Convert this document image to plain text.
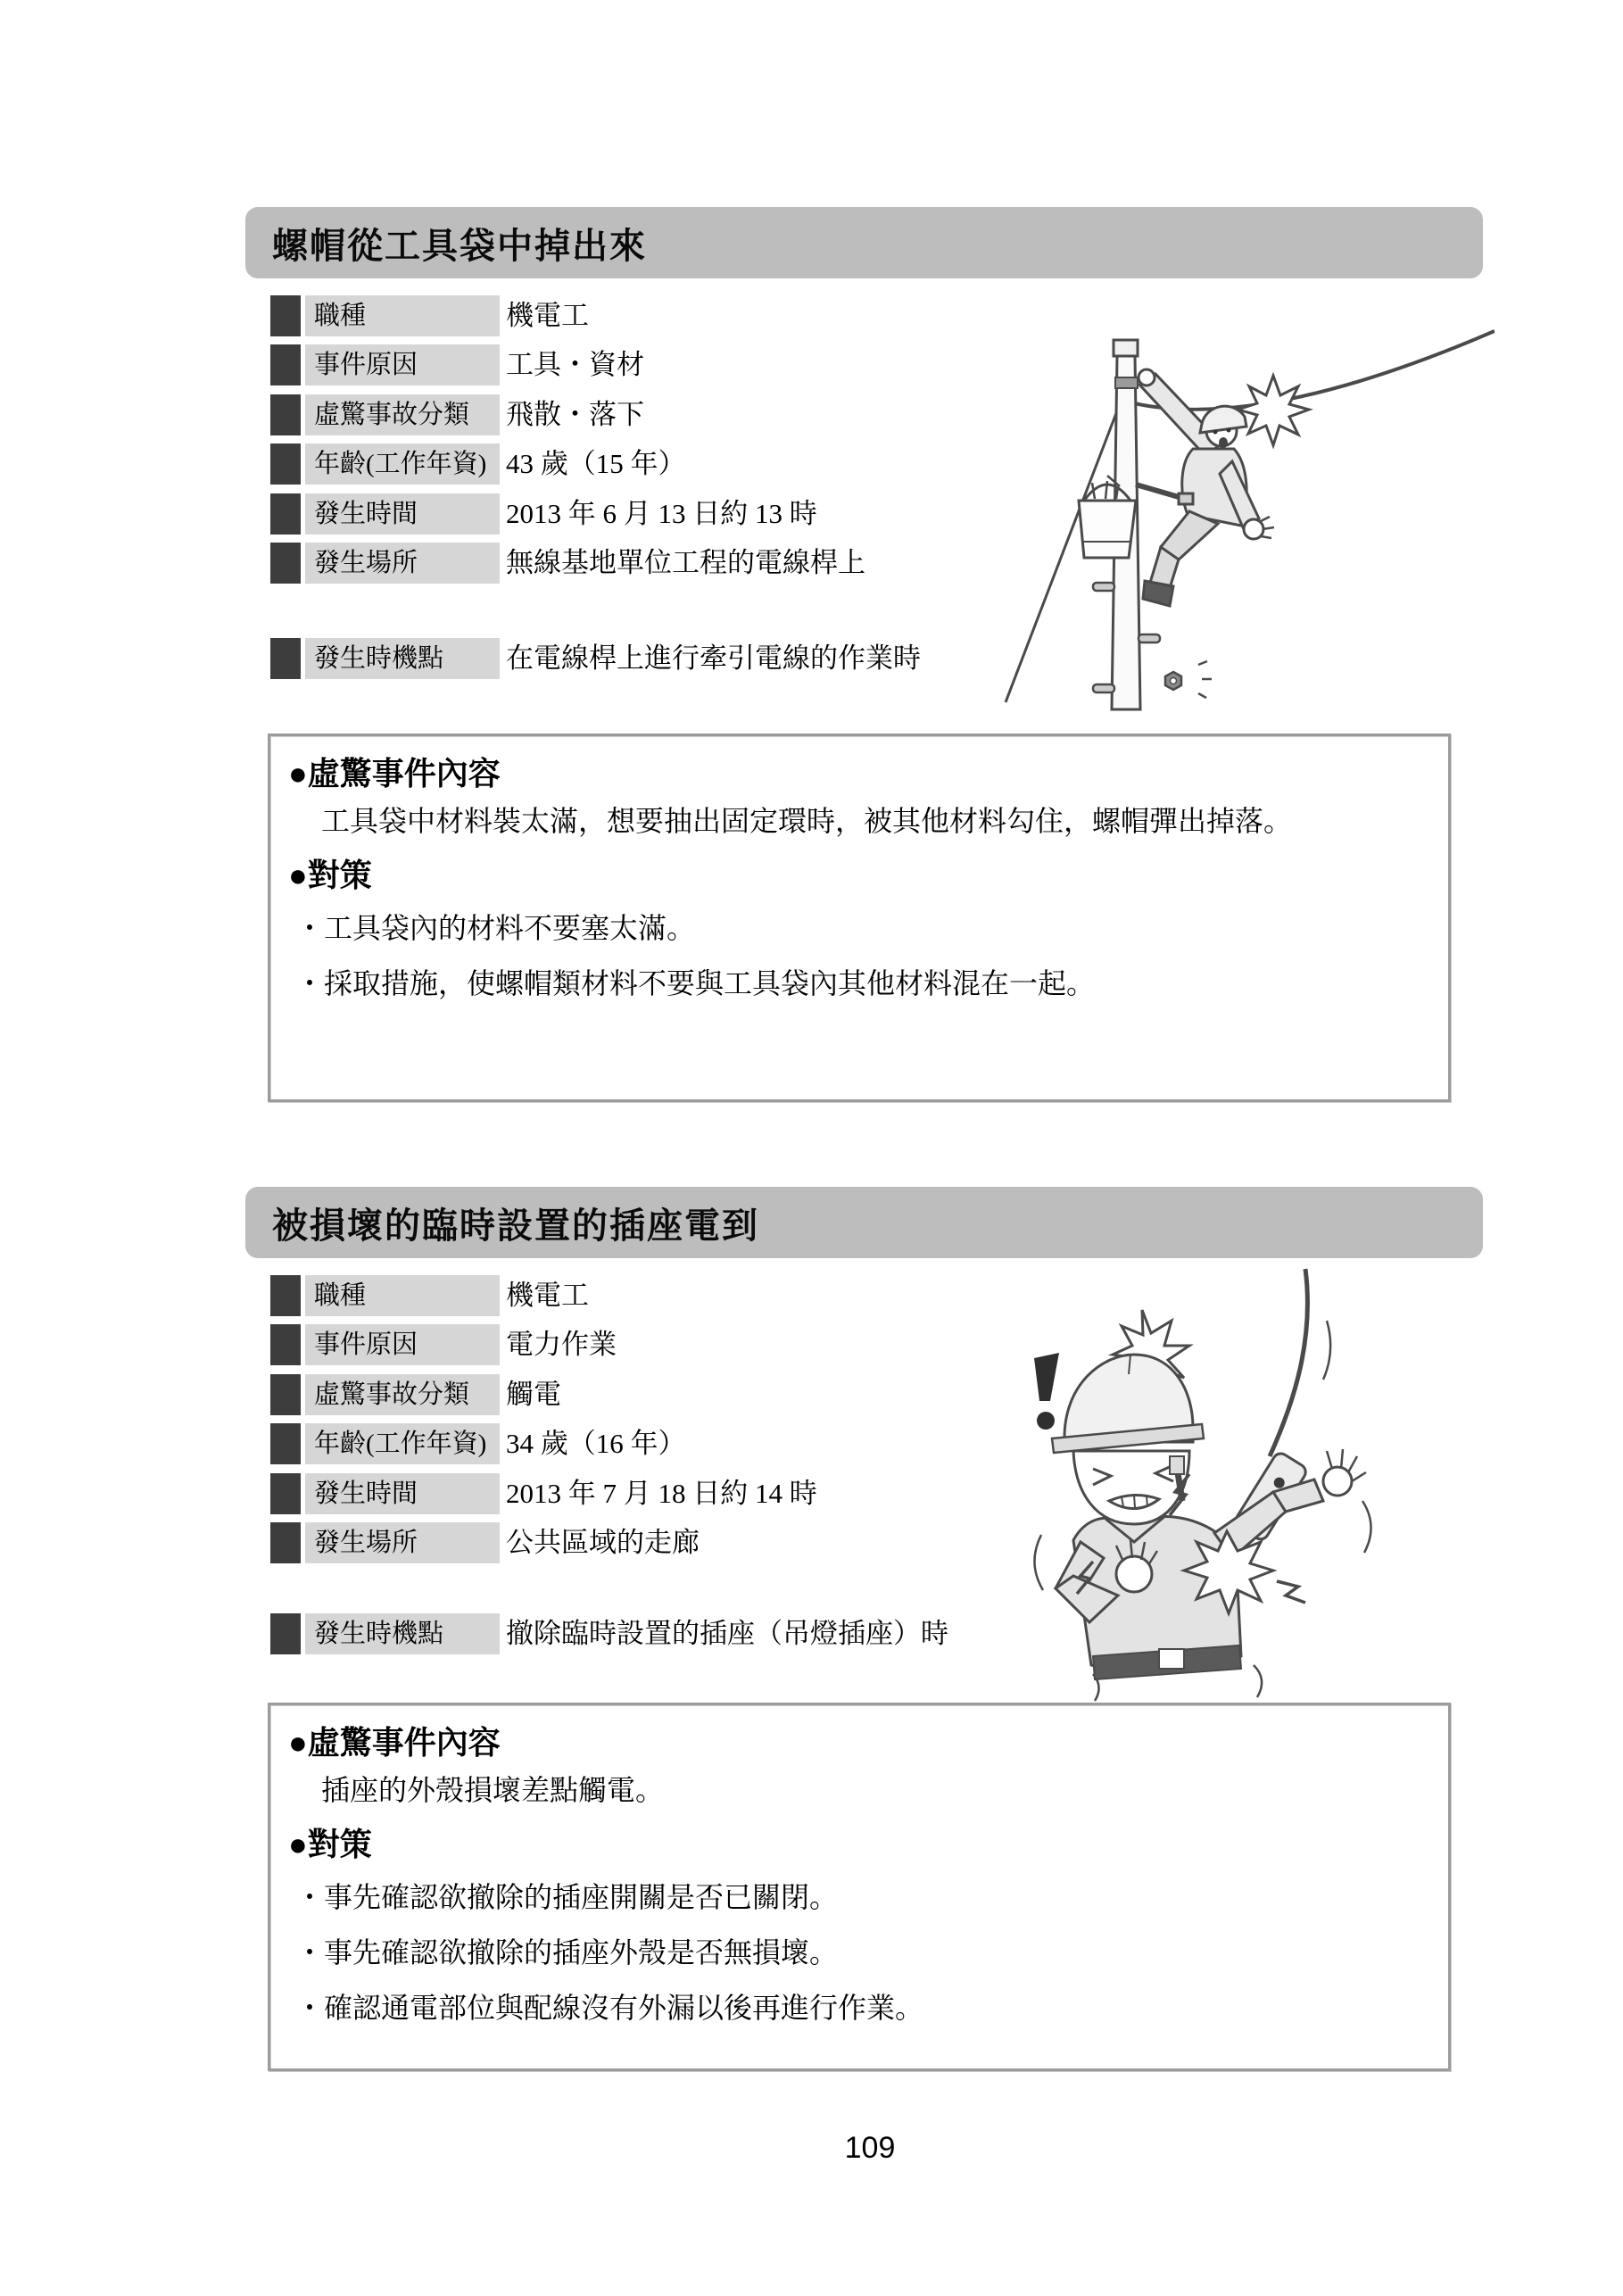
螺帽從工具袋中掉出來
職種	機電工
事件原因	工具・資材
虛驚事故分類	飛散・落下
年齡(工作年資) 43 歲（15 年）
發生時間	2013 年 6 月 13 日約 13 時
發生場所	無線基地單位工程的電線桿上
發生時機點	在電線桿上進行牽引電線的作業時
●虛驚事件內容
工具袋中材料裝太滿，想要抽出固定環時，被其他材料勾住，螺帽彈出掉落。
●對策
・工具袋內的材料不要塞太滿。
・採取措施，使螺帽類材料不要與工具袋內其他材料混在一起。
被損壞的臨時設置的插座電到
職種	機電工
事件原因	電力作業
虛驚事故分類	觸電
年齡(工作年資) 34 歲（16 年）
發生時間	2013 年 7 月 18 日約 14 時
發生場所	公共區域的走廊
發生時機點	撤除臨時設置的插座（吊燈插座）時
●虛驚事件內容
插座的外殼損壞差點觸電。
●對策
・事先確認欲撤除的插座開關是否已關閉。
・事先確認欲撤除的插座外殼是否無損壞。
・確認通電部位與配線沒有外漏以後再進行作業。
109
